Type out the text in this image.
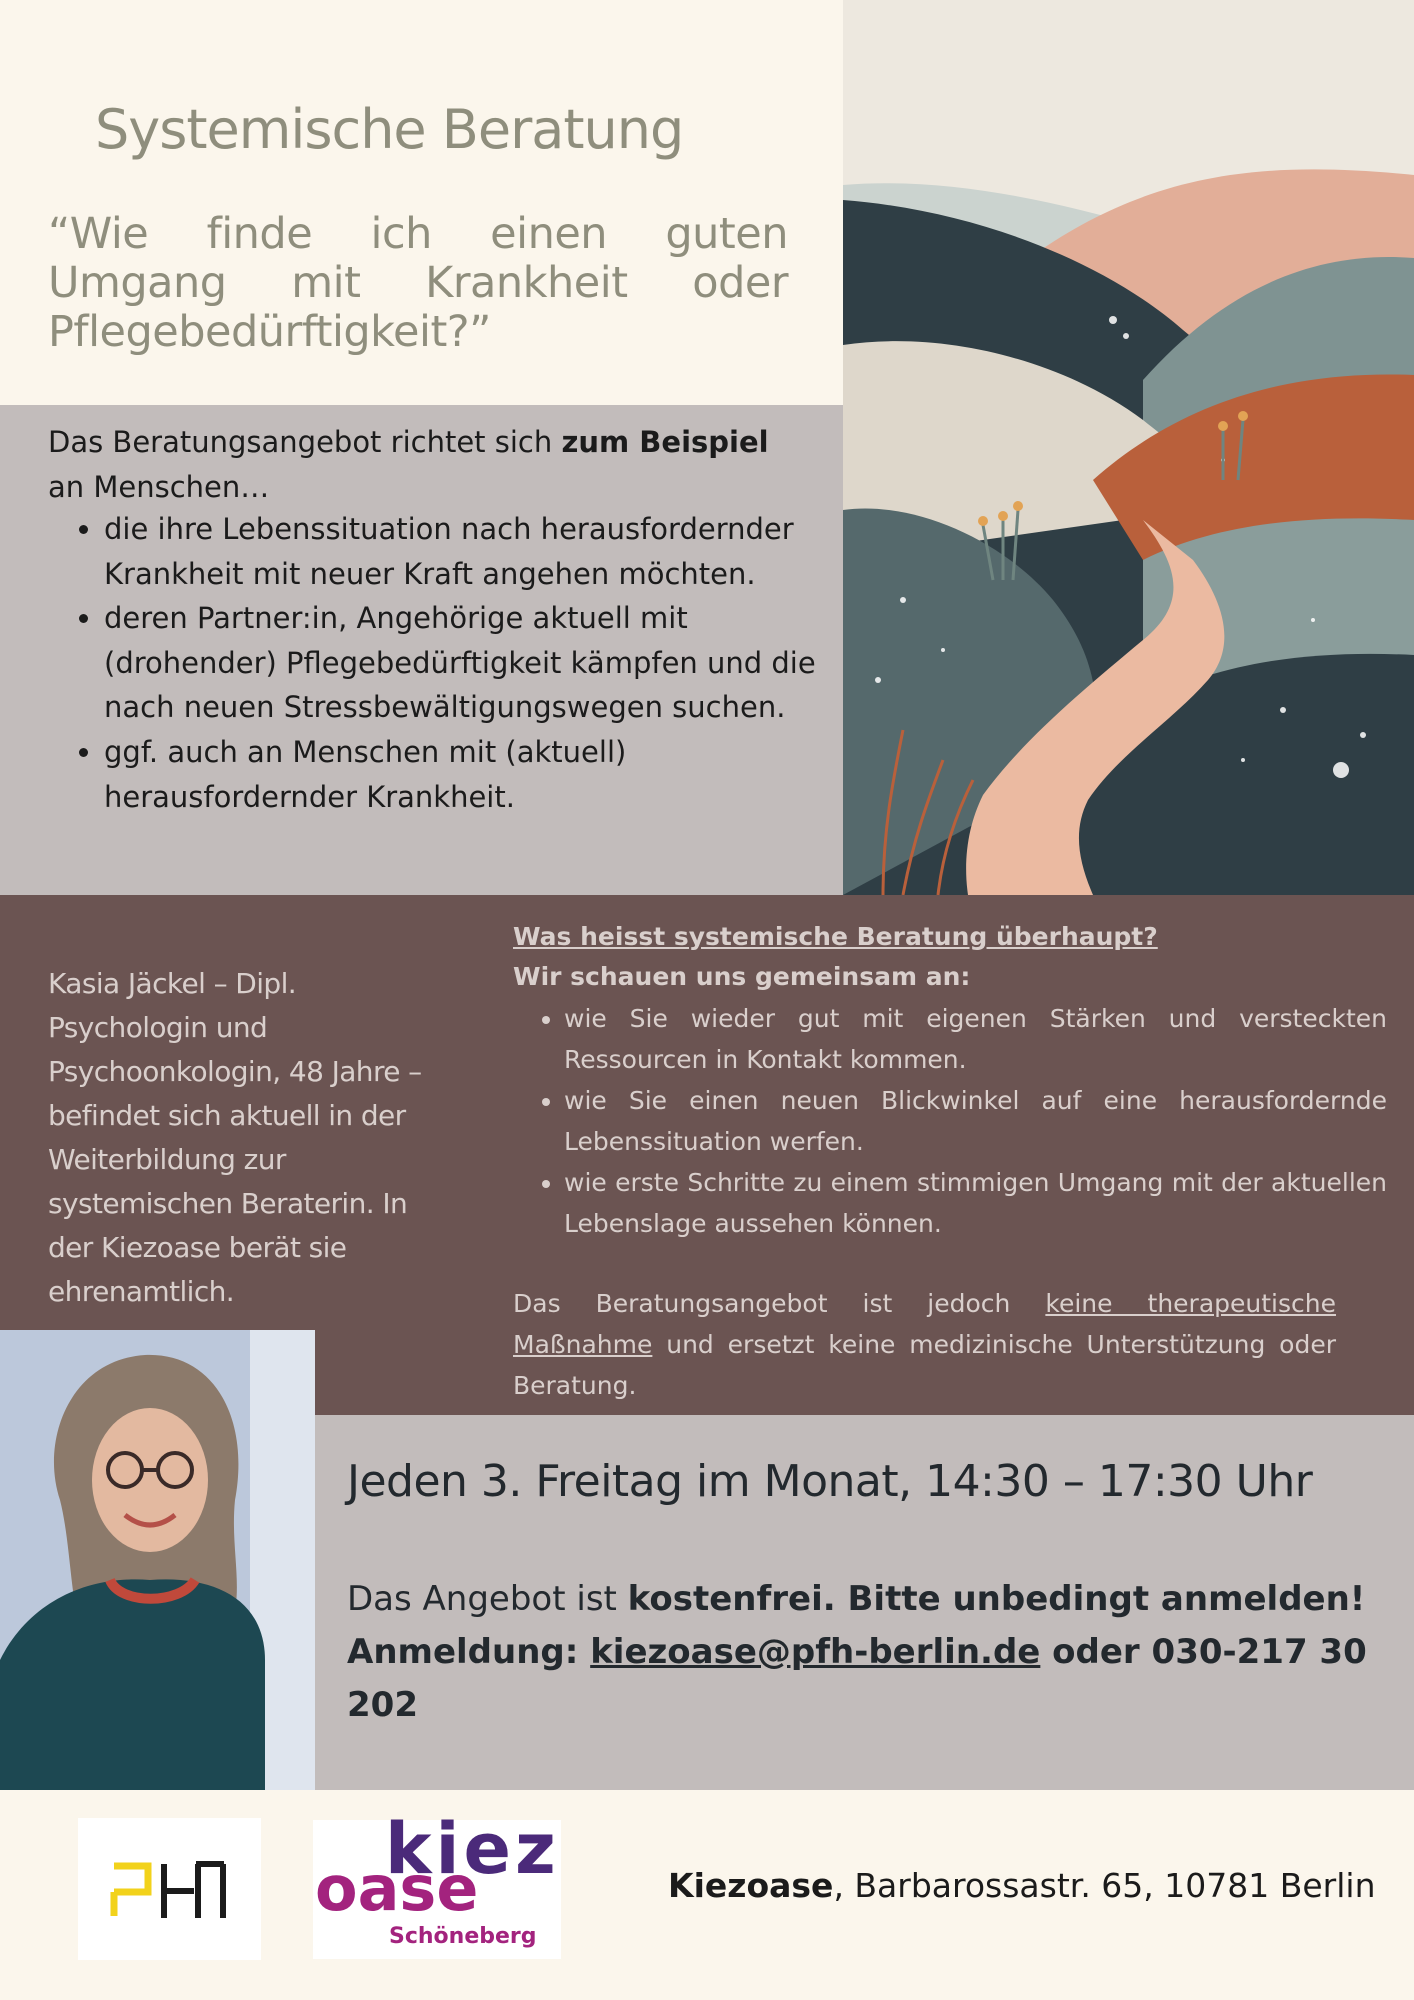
Systemische Beratung
“Wie finde ich einen guten Umgang mit Krankheit oder Pflegebedürftigkeit?”
Das Beratungsangebot richtet sich zum Beispiel an Menschen…
• die ihre Lebenssituation nach herausfordernder Krankheit mit neuer Kraft angehen möchten.
• deren Partner:in, Angehörige aktuell mit (drohender) Pflegebedürftigkeit kämpfen und die nach neuen Stressbewältigungswegen suchen.
• ggf. auch an Menschen mit (aktuell) herausfordernder Krankheit.
Kasia Jäckel – Dipl. Psychologin und Psychoonkologin, 48 Jahre – befindet sich aktuell in der Weiterbildung zur systemischen Beraterin. In der Kiezoase berät sie ehrenamtlich.
Was heisst systemische Beratung überhaupt?
Wir schauen uns gemeinsam an:
• wie Sie wieder gut mit eigenen Stärken und versteckten Ressourcen in Kontakt kommen.
• wie Sie einen neuen Blickwinkel auf eine herausfordernde Lebenssituation werfen.
• wie erste Schritte zu einem stimmigen Umgang mit der aktuellen Lebenslage aussehen können.
Das Beratungsangebot ist jedoch keine therapeutische Maßnahme und ersetzt keine medizinische Unterstützung oder Beratung.
Jeden 3. Freitag im Monat, 14:30 – 17:30 Uhr
Das Angebot ist kostenfrei. Bitte unbedingt anmelden!
Anmeldung: kiezoase@pfh-berlin.de oder 030-217 30 202
kiez
oase
Schöneberg
Kiezoase, Barbarossastr. 65, 10781 Berlin
